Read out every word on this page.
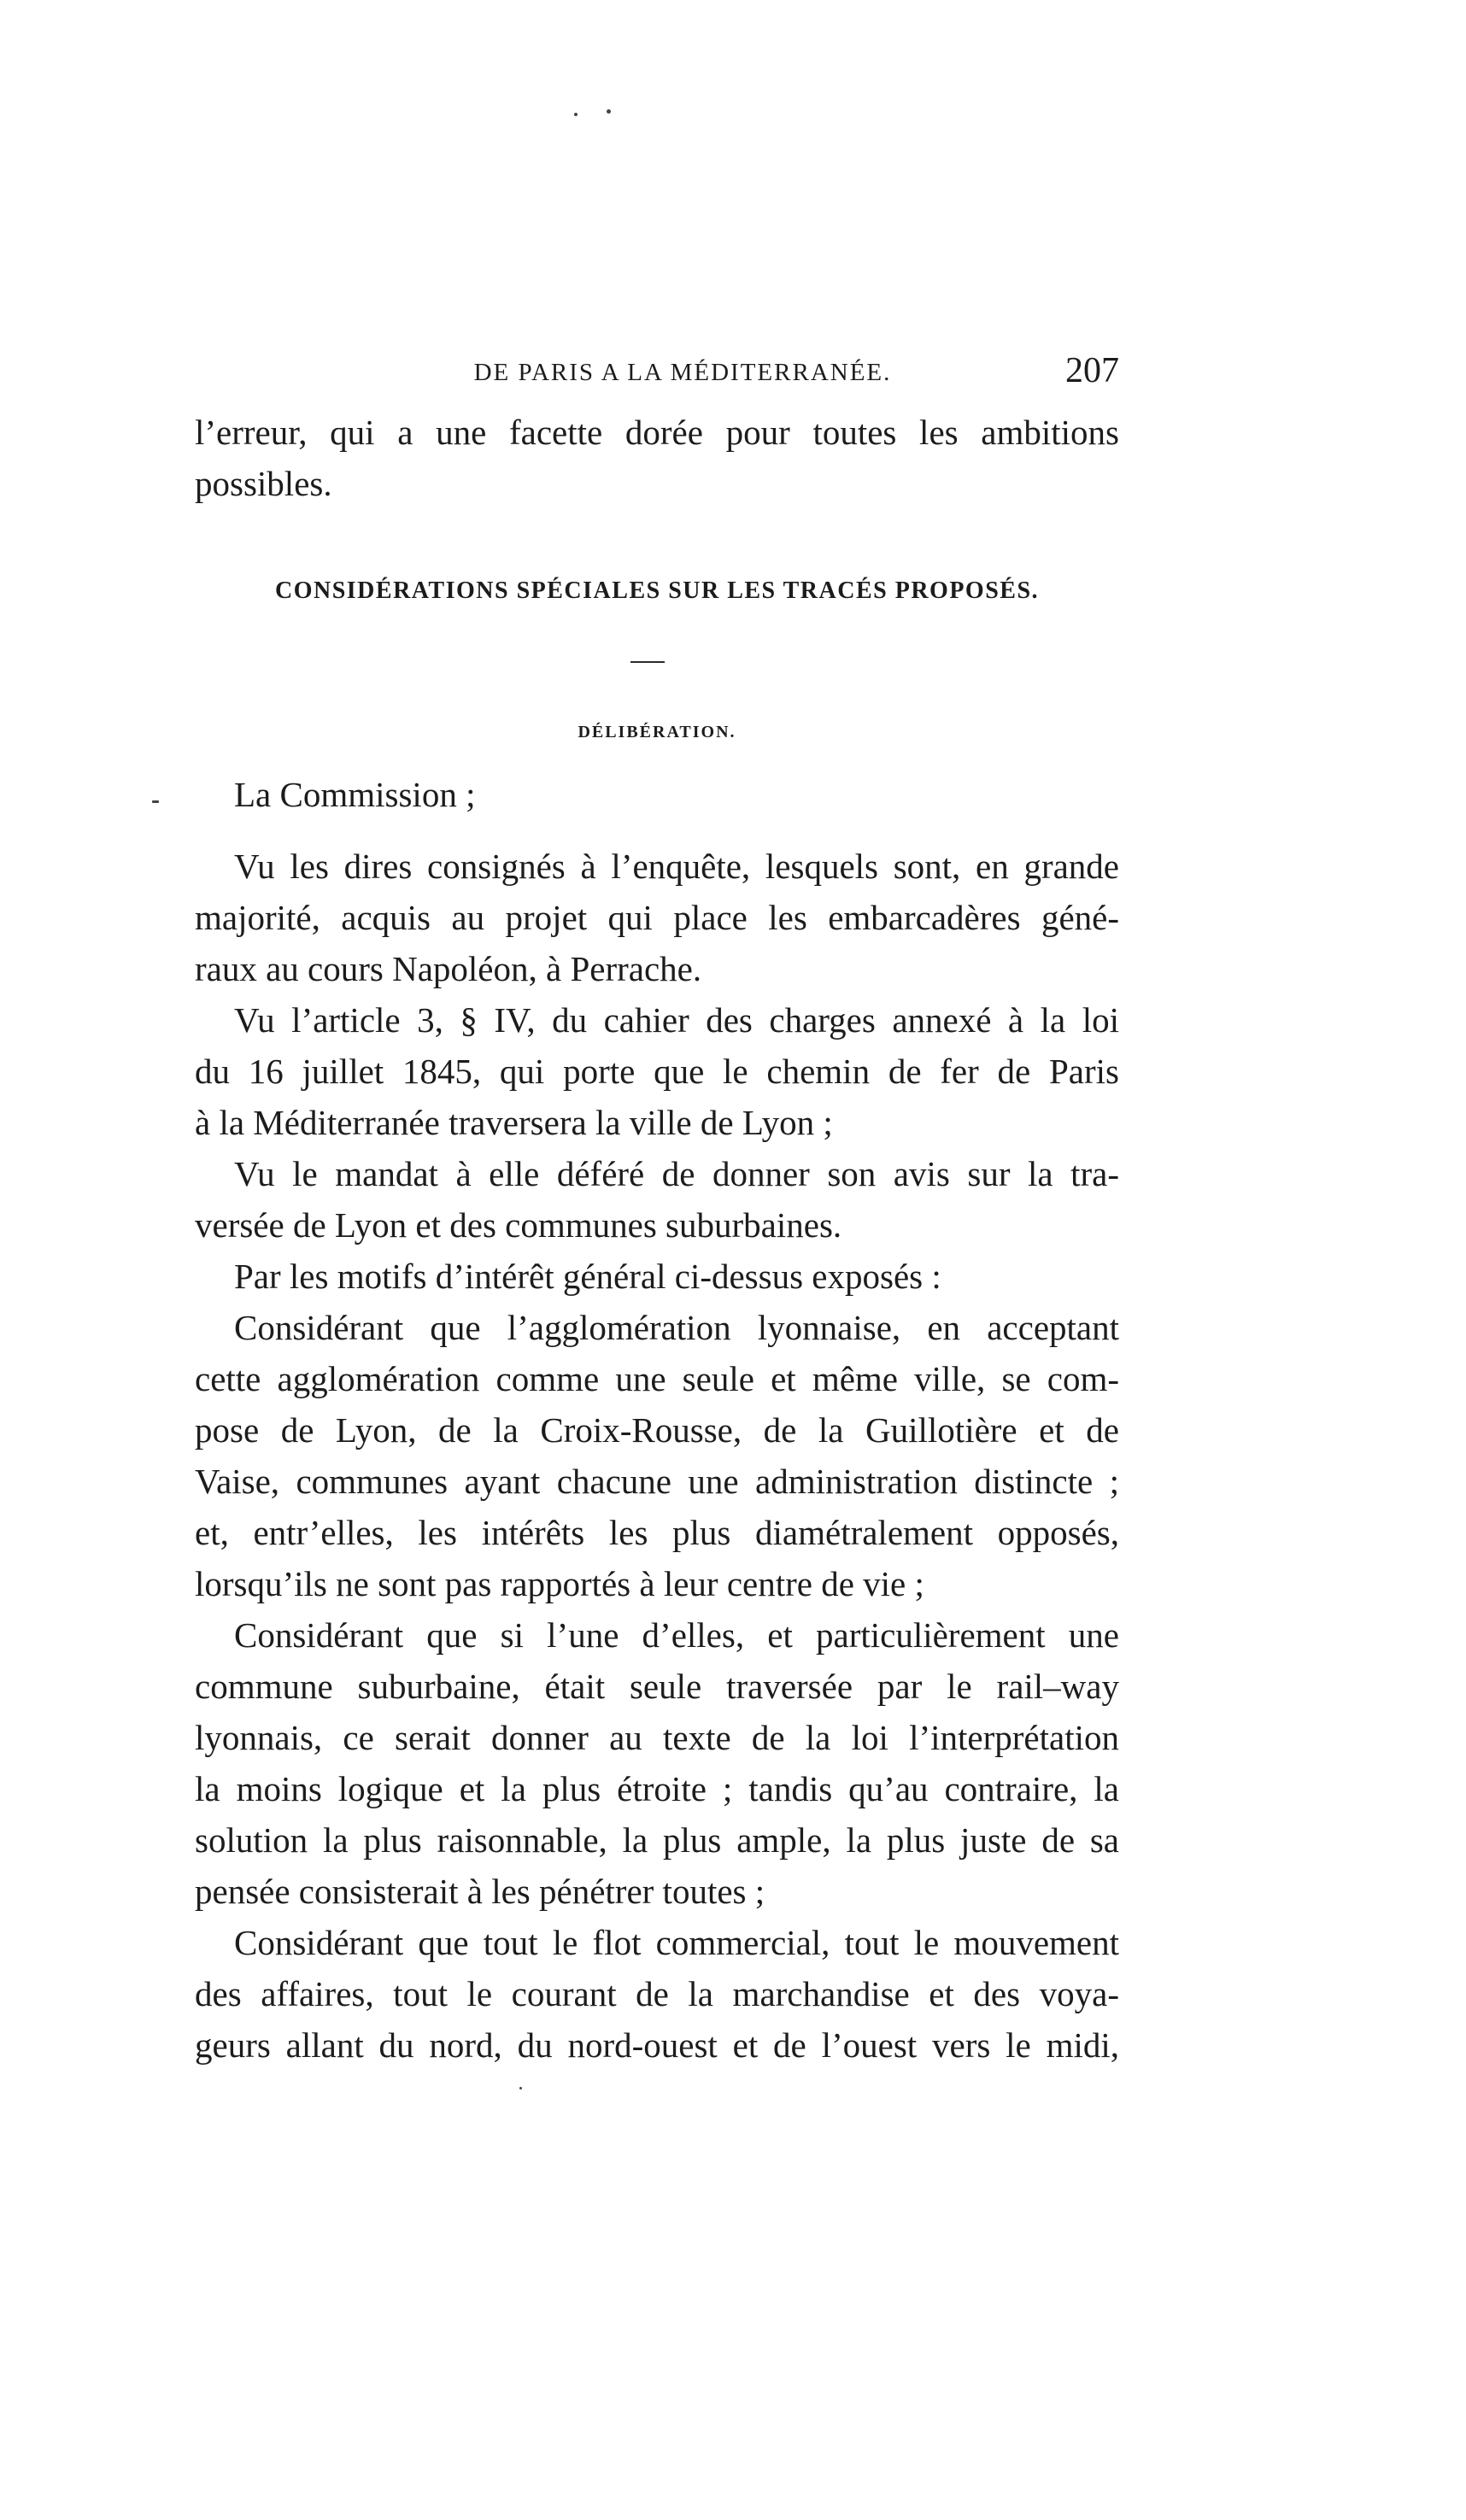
DE PARIS A LA MÉDITERRANÉE.	207
l’erreur, qui a une facette dorée pour toutes les ambitions
possibles.
CONSIDÉRATIONS SPÉCIALES SUR LES TRACÉS PROPOSÉS.
DÉLIBÉRATION.
La Commission ;
Vu les dires consignés à l’enquête, lesquels sont, en grande
majorité, acquis au projet qui place les embarcadères géné-
raux au cours Napoléon, à Perrache.
Vu l’article 3, § IV, du cahier des charges annexé à la loi
du 16 juillet 1845, qui porte que le chemin de fer de Paris
à la Méditerranée traversera la ville de Lyon ;
Vu le mandat à elle déféré de donner son avis sur la tra-
versée de Lyon et des communes suburbaines.
Par les motifs d’intérêt général ci-dessus exposés :
Considérant que l’agglomération lyonnaise, en acceptant
cette agglomération comme une seule et même ville, se com-
pose de Lyon, de la Croix-Rousse, de la Guillotière et de
Vaise, communes ayant chacune une administration distincte ;
et, entr’elles, les intérêts les plus diamétralement opposés,
lorsqu’ils ne sont pas rapportés à leur centre de vie ;
Considérant que si l’une d’elles, et particulièrement une
commune suburbaine, était seule traversée par le rail–way
lyonnais, ce serait donner au texte de la loi l’interprétation
la moins logique et la plus étroite ; tandis qu’au contraire, la
solution la plus raisonnable, la plus ample, la plus juste de sa
pensée consisterait à les pénétrer toutes ;
Considérant que tout le flot commercial, tout le mouvement
des affaires, tout le courant de la marchandise et des voya-
geurs allant du nord, du nord-ouest et de l’ouest vers le midi,
